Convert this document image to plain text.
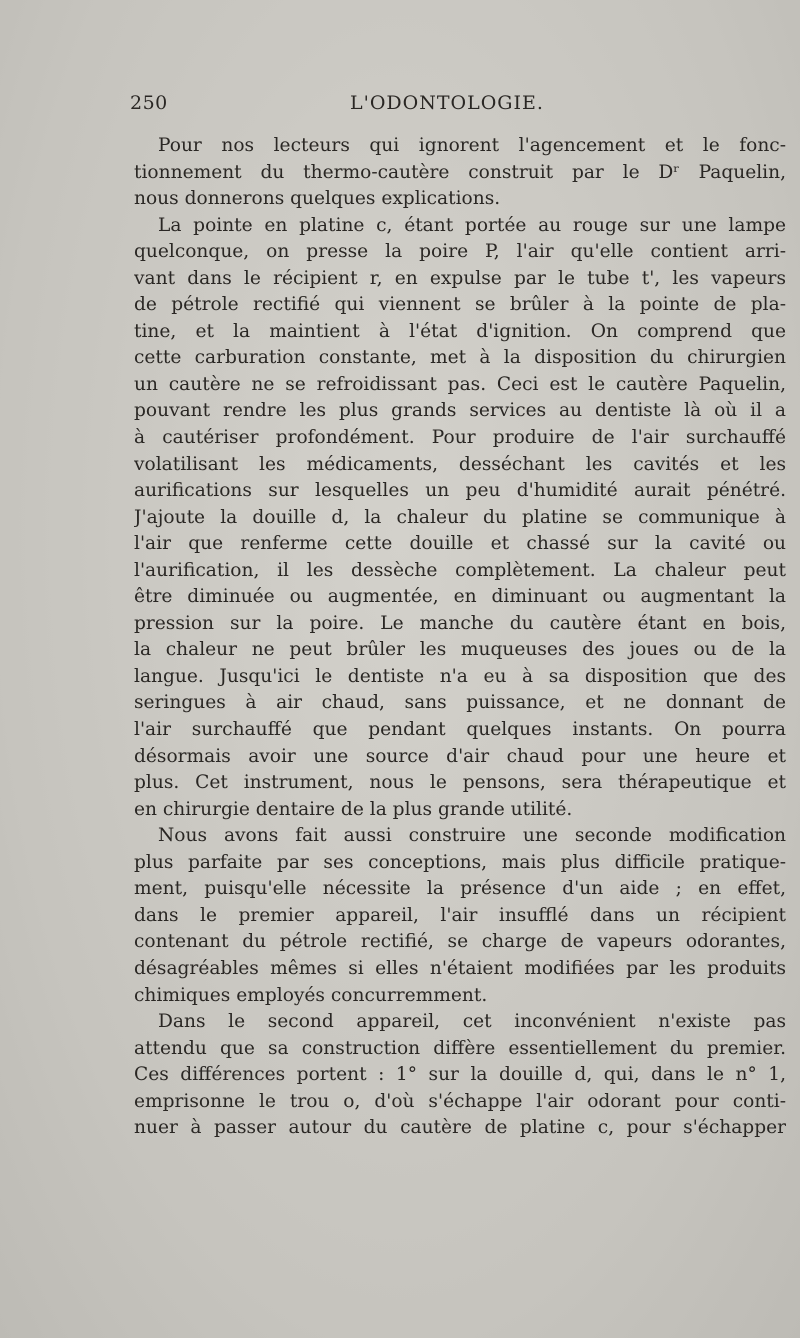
250	L'ODONTOLOGIE.
Pour nos lecteurs qui ignorent l'agencement et le fonc-
tionnement du thermo-cautère construit par le Dʳ Paquelin,
nous donnerons quelques explications.
La pointe en platine c, étant portée au rouge sur une lampe
quelconque, on presse la poire P, l'air qu'elle contient arri-
vant dans le récipient r, en expulse par le tube t', les vapeurs
de pétrole rectifié qui viennent se brûler à la pointe de pla-
tine, et la maintient à l'état d'ignition. On comprend que
cette carburation constante, met à la disposition du chirurgien
un cautère ne se refroidissant pas. Ceci est le cautère Paquelin,
pouvant rendre les plus grands services au dentiste là où il a
à cautériser profondément. Pour produire de l'air surchauffé
volatilisant les médicaments, desséchant les cavités et les
aurifications sur lesquelles un peu d'humidité aurait pénétré.
J'ajoute la douille d, la chaleur du platine se communique à
l'air que renferme cette douille et chassé sur la cavité ou
l'aurification, il les dessèche complètement. La chaleur peut
être diminuée ou augmentée, en diminuant ou augmentant la
pression sur la poire. Le manche du cautère étant en bois,
la chaleur ne peut brûler les muqueuses des joues ou de la
langue. Jusqu'ici le dentiste n'a eu à sa disposition que des
seringues à air chaud, sans puissance, et ne donnant de
l'air surchauffé que pendant quelques instants. On pourra
désormais avoir une source d'air chaud pour une heure et
plus. Cet instrument, nous le pensons, sera thérapeutique et
en chirurgie dentaire de la plus grande utilité.
Nous avons fait aussi construire une seconde modification
plus parfaite par ses conceptions, mais plus difficile pratique-
ment, puisqu'elle nécessite la présence d'un aide ; en effet,
dans le premier appareil, l'air insufflé dans un récipient
contenant du pétrole rectifié, se charge de vapeurs odorantes,
désagréables mêmes si elles n'étaient modifiées par les produits
chimiques employés concurremment.
Dans le second appareil, cet inconvénient n'existe pas
attendu que sa construction diffère essentiellement du premier.
Ces différences portent : 1° sur la douille d, qui, dans le n° 1,
emprisonne le trou o, d'où s'échappe l'air odorant pour conti-
nuer à passer autour du cautère de platine c, pour s'échapper
